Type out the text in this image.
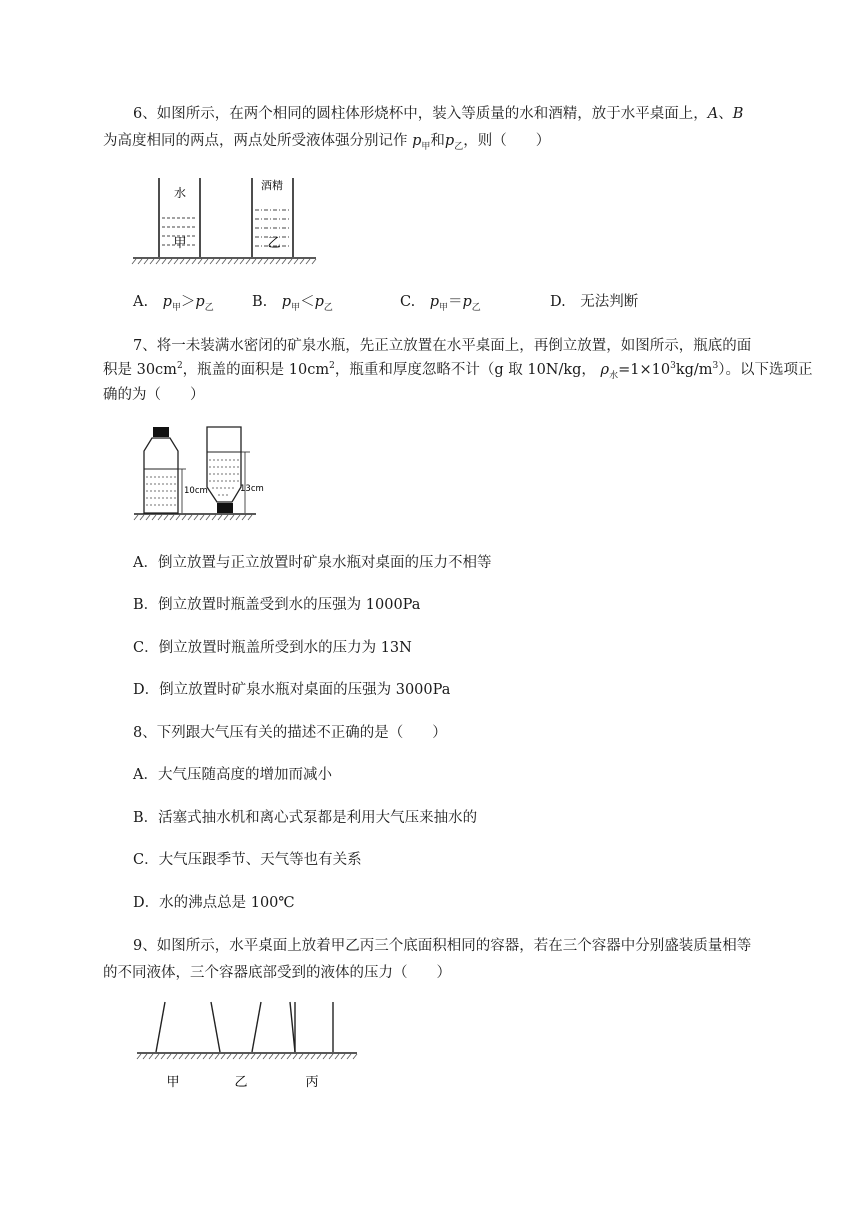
6、如图所示，在两个相同的圆柱体形烧杯中，装入等质量的水和酒精，放于水平桌面上，A、B
为高度相同的两点，两点处所受液体强分别记作 $p_甲$和$p_乙$，则（　　）
水
甲
酒精
乙
A.　 $p_甲>p_乙$	B.　 $p_甲<p_乙$	C.　 $p_甲=p_乙$	D.　 无法判断
7、将一未装满水密闭的矿泉水瓶，先正立放置在水平桌面上，再倒立放置，如图所示，瓶底的面
积是 $30cm^2$，瓶盖的面积是 $10cm^2$，瓶重和厚度忽略不计（g 取 10N/kg， $\rho_水=1\times 10^3kg/m^3$）。以下选项正
确的为（　　）
10cm	13cm
A．倒立放置与正立放置时矿泉水瓶对桌面的压力不相等
B．倒立放置时瓶盖受到水的压强为 1000Pa
C．倒立放置时瓶盖所受到水的压力为 13N
D．倒立放置时矿泉水瓶对桌面的压强为 3000Pa
8、下列跟大气压有关的描述不正确的是（　　）
A．大气压随高度的增加而减小
B．活塞式抽水机和离心式泵都是利用大气压来抽水的
C．大气压跟季节、天气等也有关系
D．水的沸点总是 100℃
9、如图所示，水平桌面上放着甲乙丙三个底面积相同的容器，若在三个容器中分别盛装质量相等
的不同液体，三个容器底部受到的液体的压力（　　）
甲	乙	丙
